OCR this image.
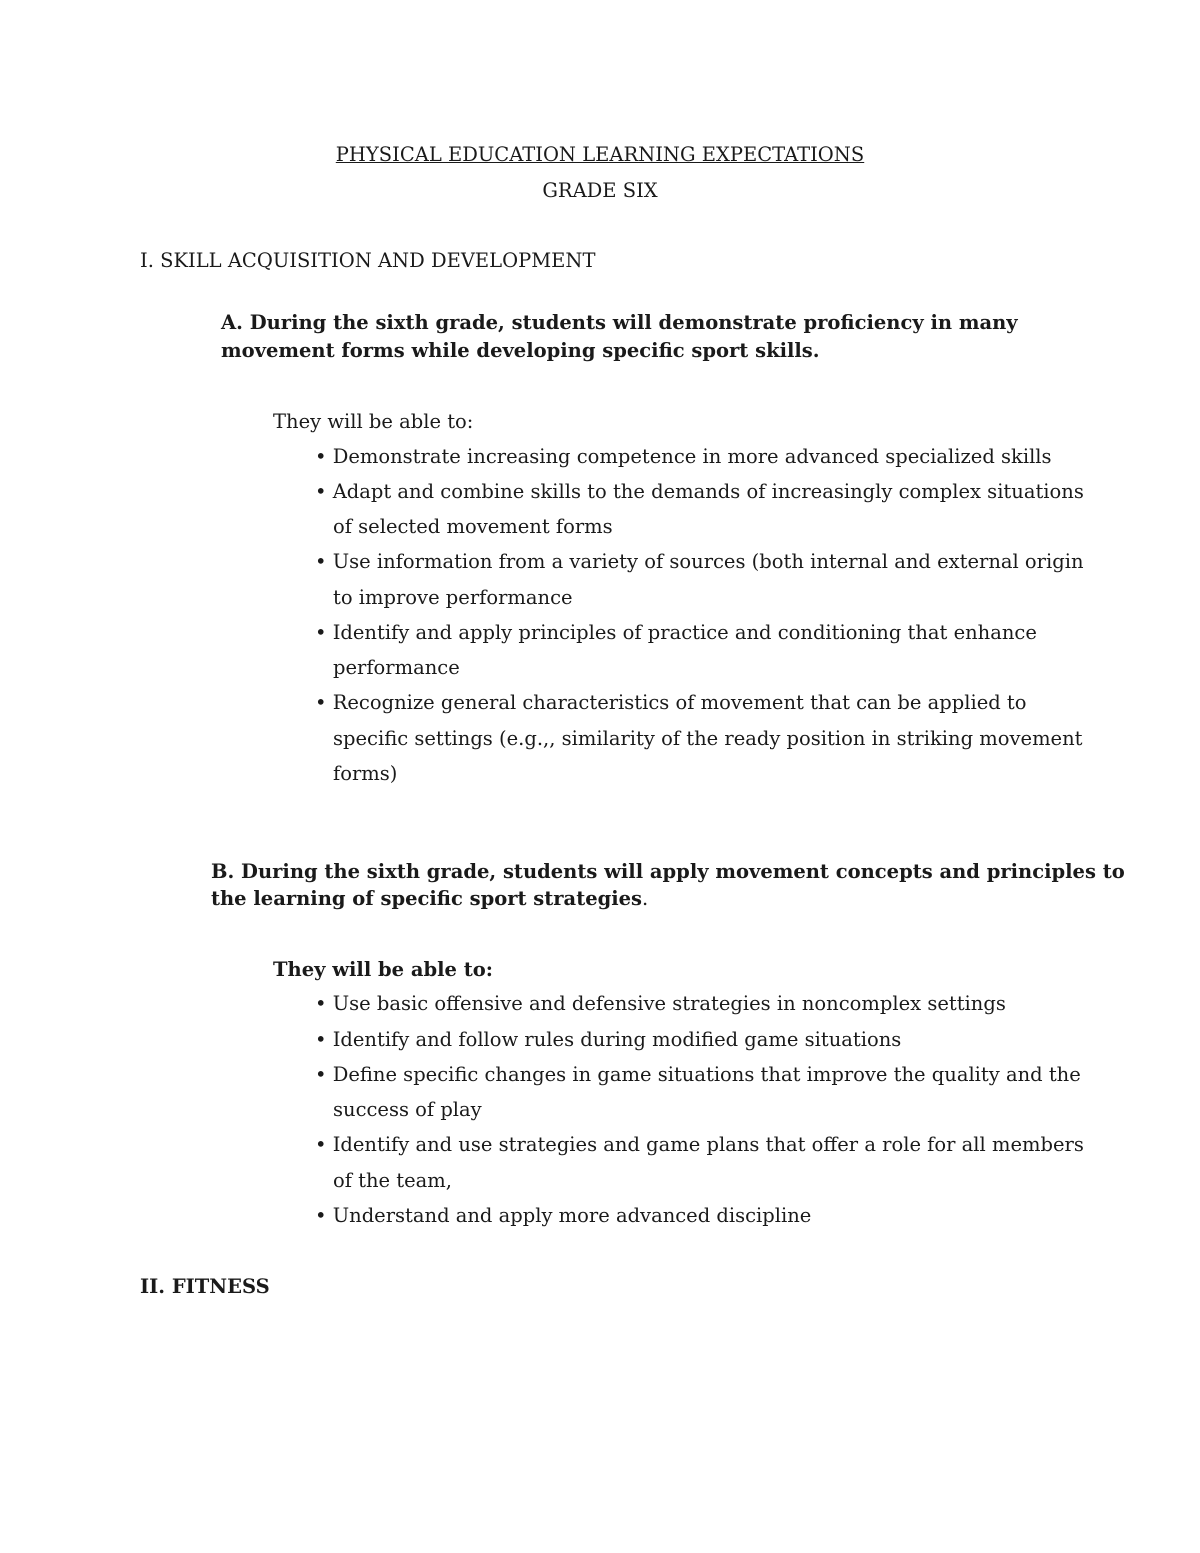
PHYSICAL EDUCATION LEARNING EXPECTATIONS
GRADE SIX
I. SKILL ACQUISITION AND DEVELOPMENT
A. During the sixth grade, students will demonstrate proficiency in many
movement forms while developing specific sport skills.
They will be able to:
• Demonstrate increasing competence in more advanced specialized skills
• Adapt and combine skills to the demands of increasingly complex situations
of selected movement forms
• Use information from a variety of sources (both internal and external origin
to improve performance
• Identify and apply principles of practice and conditioning that enhance
performance
• Recognize general characteristics of movement that can be applied to
specific settings (e.g.,, similarity of the ready position in striking movement
forms)
B. During the sixth grade, students will apply movement concepts and principles to
the learning of specific sport strategies.
They will be able to:
• Use basic offensive and defensive strategies in noncomplex settings
• Identify and follow rules during modified game situations
• Define specific changes in game situations that improve the quality and the
success of play
• Identify and use strategies and game plans that offer a role for all members
of the team,
• Understand and apply more advanced discipline
II. FITNESS
